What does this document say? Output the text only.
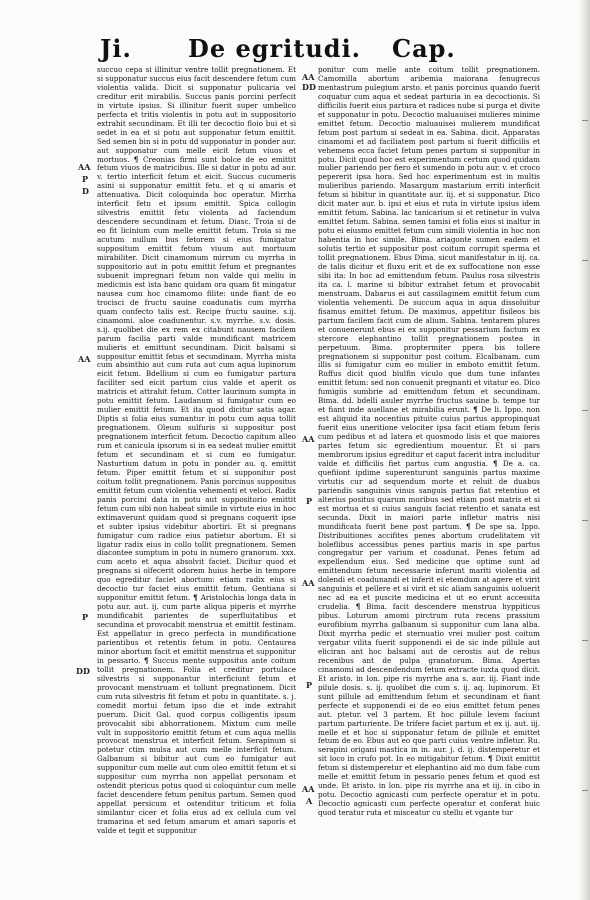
Ji. De egritudi. Cap.
AA
P
D
AA
P
DD
AA
DD
AA
P
AA
P
AA
A
succuo cepa si illinitur ventre tollit pregnationem. Et si supponatur succus eius facit descendere fetum cum violentia valida. Dicit si supponatur pulicaria vel creditur erit mirabilis. Succus panis porcini perfecit in virtute ipsius. Si illinitur fuerit super umbelico perfecta et tritis violentis in potu aut in suppositorio extrahit secundinam. Et illi ter decoctio floio bui et si sedet in ea et si potu aut supponatur fetum emittit. Sed semen bin si in potu dd supponatur in ponder aur. aut supponatur cum melle eicit fetum viuos et mortuos. ¶ Creonias firmi sunt bolce de eo emittit fetum viuos de matricibus. Ille si datur in potu ad aur. v. tertio interficit fetum et eicit. Succus cucumeris asini si supponatur emittit fetu. et q si amaris et attenuativa. Dicit coloquinda hoc operatur. Mirrha interficit fetu et ipsum emittit. Spica collogin silvestris emittit fetu violenta ad faciendum descendere secundinam et fetum. Diasc. Troia si de eo fit licinium cum melle emittit fetum. Troia si me acutum nullum bus fetorem si eius fumigatur suppositum emittit fetum viuum aut mortuum mirabiliter. Dicit cinamomum mirrum cu myrrha in suppositorio aut in potu emittit fetum et pregnantes subuenit impregnari fetum non valde qui meliu in medicinis est ista banc quidam ora quam fit mingatur nausea cum hoc cinamomo filite: unde fiant de eo trocisci de fructu sauine coadunatis cum myrrha quam confecto talis est. Recipe fructu sauine. s.ij. cinamomi. aloe coadunentur. s.v. myrrhe. s.v. dosis. s.ij. quolibet die ex rem ex citabunt nausem facilem parum facilia parti valde mundificant matricem mulieris et emittunt secundinam. Dicit balsami si suppositur emittit fetus et secundinam. Myrrha mista cum absinthio aut cum ruta aut cum aqua lupinorum eicit fetum. Bdellium si cum eo fumigatur partura faciliter sed eicit partum cius valde et aperit os matricis et attrahit fetum. Cotter laurinum sumpta in potu emittit fetum. Laudanum si fumigatur cum eo mulier emittit fetum. Et ita quod dicitur satis agar. Diptis si folia eius sumantur in potu cum aqua tollit pregnationem. Oleum sulfuris si suppositur post pregnationem interficit fetum. Decoctio capitum alleo rum et canicula ipsorum si in ea sedeat mulier emittit fetum et secundinam et si cum eo fumigatur. Nasturtium datum in potu in ponder au. q. emittit fetum. Piper emittit fetum et si supponitur post coitum tollit pregnationem. Panis porcinus suppositus emittit fetum cum violentia vehementi et veloci. Radix panis porcini data in potu aut suppositorio emittit fetum cum sibi non habeat simile in virtute eius in hoc extimaverunt quidam quod si pregnans coquerit ipse et subter ipsius videbitur abortiri. Et si pregnans fumigatur cum radice eius patietur abortum. Et si ligatur radix eius in collo tollit pregnationem. Semen diacontee sumptum in potu in numero granorum. xxx. cum aceto et aqua absolvit faciet. Dicitur quod et pregnans si olfecerit odorem huius herbe in tempore quo egreditur faciet abortum: etiam radix eius si decoctio tur faciet eius emittit fetum. Gentiana si supponitur emittit fetum. ¶ Aristolochia longa data in potu aur. aut. ij. cum parte aliqua piperis et myrrhe mundificabit parientes de superfluitatibus et secundina et provocabit menstrua et emittit festinam. Est appellatur in greco perfecta in mundificatione parientibus et retentis fetum in potu. Centaurea minor abortum facit et emittit menstrua et supponitur in pessario. ¶ Succus mente suppositus ante coitum tollit pregnationem. Folia et creditur portulace silvestris si supponantur interficiunt fetum et provocant menstruam et tollunt pregnationem. Dicit cum ruta silvestris fit fetum et potu in quantitate. s. j. comedit mortui fetum ipso die et inde extrahit puerum. Dicit Gal. quod corpus colligentis ipsum provocabit sibi abhorrationem. Mixtum cum melle vult in suppositorio emittit fetum et cum aqua mellis provocat menstrua et interficit fetum. Serapinum si potetur ctim mulsa aut cum melle interficit fetum. Galbanum si bibitur aut cum eo fumigatur aut supponitur cum melle aut cum oleo emittit fetum et si suppositur cum myrrha non appellat personam et ostendit ptericus potus quod si coloquintur cum melle faciet descendere fetum penitus partum. Semen quod appellat persicum et ostenditur triticum et folia similantur cicer et folia eius ad ex cellula cum vel tramarina et sed fetum amarum et amari saporis et valde et tegit et supponitur
ponitur cum melle ante coitum tollit pregnationem. Camomilla abortum aribemia maiorana fenugrecus mentastrum pulegium arsto. et panis porcinus quando fuerit coquatur cum aqua et sedeat parturia in ea decoctionis. Si difficilis fuerit eius partura et radices nube si purga et divite et supponatur in potu. Decoctio maluauisei mulieres minime emittet fetum. Decoctio maluauisei mulierem mundificat fetum post partum si sedeat in ea. Sabina. dicit. Apparatas cinamomi et ad faciliatem post partum si fuerit difficilis et vehemens ecca faciet fetum penes partum si supponitur in potu. Dicit quod hoc est experimentum certum quod quidam mulier pariendo per fiero et sumendo in potu aur. v. et croco pepererit ipsa hora. Sed hoc experimentum est in multis mulieribus pariendo. Masargum mastarium erriti interficit fetum si bibitur in quantitate aur. iij. et si supponatur. Dico dicit mater aur. b. ipsi et eius et ruta in virtute ipsius idem emittit fetum. Sabina. lac tanicarium si et retinetur in vulva emittet fetum. Sabina. semen tamisi et folia eius si inaltur in potu ei eiusmo emittet fetum cum simili violentia in hoc non habentia in hoc simile. Bima. ariagonte sumen eadem et solutis tertio et suppositur post coitum corrupit sperma et tollit pregnationem. Ebus Dima. sicut manifestatur in iij. ca. de talis dicitur et fluxu erit et de ex suffocatione non esse sibi ita: In hoc ad emittendum fetum. Paulus rosa silvestris ita ca. l. marine si bibitur extrahet fetum et provocabit menstruam. Dabarus ei aut cassilaginem emittit fetum cum violentia vehementi. De succum aqua in aqua dissoluitur fisamus emittet fetum. De maximus, appetitur fisileos bis partum facilem facit cum de alium. Sabina. tentarem plures et conuenerunt ebus ei ex supponitur pessarium factum ex stercore elephantino tollit pregnationem postea in perpetuum. Bima. proptermiter ppera bis tollere pregnationem si supponitur post coitum. Elcalbanam. cum illis si fumigatur cum eo mulier in emboto emittit fetum. Ruffus dicit quod biulfin viculo que dum tune infantes emittit fetum: sed non conuenit pregnanti et vitatur eo. Dico fumigiis sumbrie ad emittendum fetum et secundinam. Bima. dd. bdelli asuler myrrhe fructus sauine b. tempe tur et fiant inde auellane et mirabilia erunt. ¶ De li. Ippo. non est aliquid ita nocentius pituite cuius partus appropinquat fuerit eius uneritione velociter ipsa facit etiam fetum feris cum pedibus et ad latera et quosmodo lisis et que maiores partes fetum sic egredientium mouentur. Et si pars membrorum ipsius egreditur et caput facerit intra includitur valde et difficilis fiet partus cum angustia. ¶ De a. ca. quefiiont ipdime superenturunt sanguinis partus maxime virtutis cur ad sequendum morte et reluit de duabus pariendis sanguinis vinus sanguis partus fiat retentiuo et alterius positus quarum moribus sed etiam post matris et si est mortua et si cuius sanguis faciat retentio et sanata est secunda. Dixit in maiori parte infletur matris nisi mundificata fuerit bene post partum. ¶ De spe sa. Ippo. Distribuitiones accifites penes abortum crudelitatem vit boleflibus accessibus penes partius maris in spe partus congregatur per varium et coadunat. Penes fetum ad expellendum eius. Sed medicine que optime sunt ad emittendum fetum necessarie inferunt mariti violentia ad dolendi et coadunandi et inferit ei etemdum at agere et virit sanguinis et pellere et si virit et sic aliam sanguinis uoluerit nec ad ea et puscite medicina et ut eo erunt accessita crudelia. ¶ Bima. facit descendere menstrua hyppiticus pibus. Loturum amomi pirctrum ruta recens prassium eurofibium myrrha galbanum si supponitur cum lana alba. Dixit myrrha pedic et sternuatio vrei mulier post coitum vergatur vilita fuerit supponendi ei de sic inde pillule aut eliciran ant hoc balsami aut de cerostis aut de rebus recenibus ant de pulpa granatorum. Bima. Apertas cinamomi ad descendendum fetum extracte iuxta quod dicit. Et aristo. in lon. pipe ris myrrhe ana s. aur. iij. Fiant inde pilule dosis. s. ij. quolibet die cum s. ij. aq. lupinorum. Et sunt pillule ad emittendum fetum et secundinam et fiant perfecte et supponendi ei de eo eius emittet fetum penes aut. ptetur. vel 3 partem. Et hoc pillule levem faciunt partum parturiente. De trifere faciet partum et ex ij. aut. iij. melle et et hoc si supponatur fetum de pillule et emittet fetum de eo. Ebus aut eo que parti cuius ventre infletur. Ru. serapini origani mastica in in. aur. j. d. ij. distemperetur et sit loco in crufo pot. In eo mitigabitur fetum. ¶ Dixit emittit fetum si distemperetur et elephantino aid mo dum fabe cum melle et emittit fetum in pessario penes fetum et quod est unde. Et aristo. in lon. pipe ris myrrhe ana et iij. in cibo in potu. Decoctio agnicasti cum perfecte operatur et in potu. Decoctio agnicasti cum perfecte operatur et conferat huic quod teratur ruta et misceatur cu stellu et vgante tur
